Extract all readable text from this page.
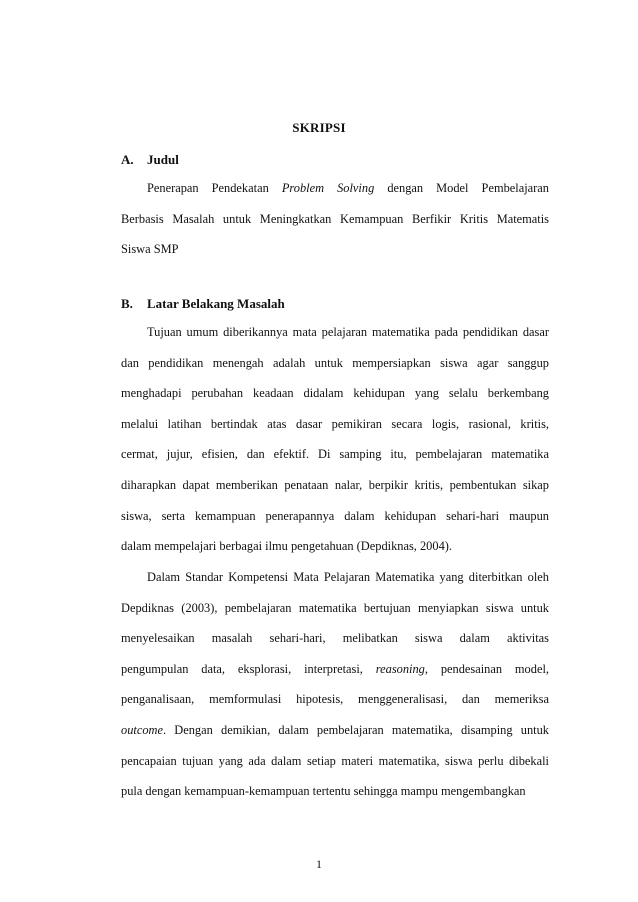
SKRIPSI
A. Judul
Penerapan Pendekatan Problem Solving dengan Model Pembelajaran
Berbasis Masalah untuk Meningkatkan Kemampuan Berfikir Kritis Matematis
Siswa SMP
B. Latar Belakang Masalah
Tujuan umum diberikannya mata pelajaran matematika pada pendidikan dasar
dan pendidikan menengah adalah untuk mempersiapkan siswa agar sanggup
menghadapi perubahan keadaan didalam kehidupan yang selalu berkembang
melalui latihan bertindak atas dasar pemikiran secara logis, rasional, kritis,
cermat, jujur, efisien, dan efektif. Di samping itu, pembelajaran matematika
diharapkan dapat memberikan penataan nalar, berpikir kritis, pembentukan sikap
siswa, serta kemampuan penerapannya dalam kehidupan sehari-hari maupun
dalam mempelajari berbagai ilmu pengetahuan (Depdiknas, 2004).
Dalam Standar Kompetensi Mata Pelajaran Matematika yang diterbitkan oleh
Depdiknas (2003), pembelajaran matematika bertujuan menyiapkan siswa untuk
menyelesaikan masalah sehari-hari, melibatkan siswa dalam aktivitas
pengumpulan data, eksplorasi, interpretasi, reasoning, pendesainan model,
penganalisaan, memformulasi hipotesis, menggeneralisasi, dan memeriksa
outcome. Dengan demikian, dalam pembelajaran matematika, disamping untuk
pencapaian tujuan yang ada dalam setiap materi matematika, siswa perlu dibekali
pula dengan kemampuan-kemampuan tertentu sehingga mampu mengembangkan
1
